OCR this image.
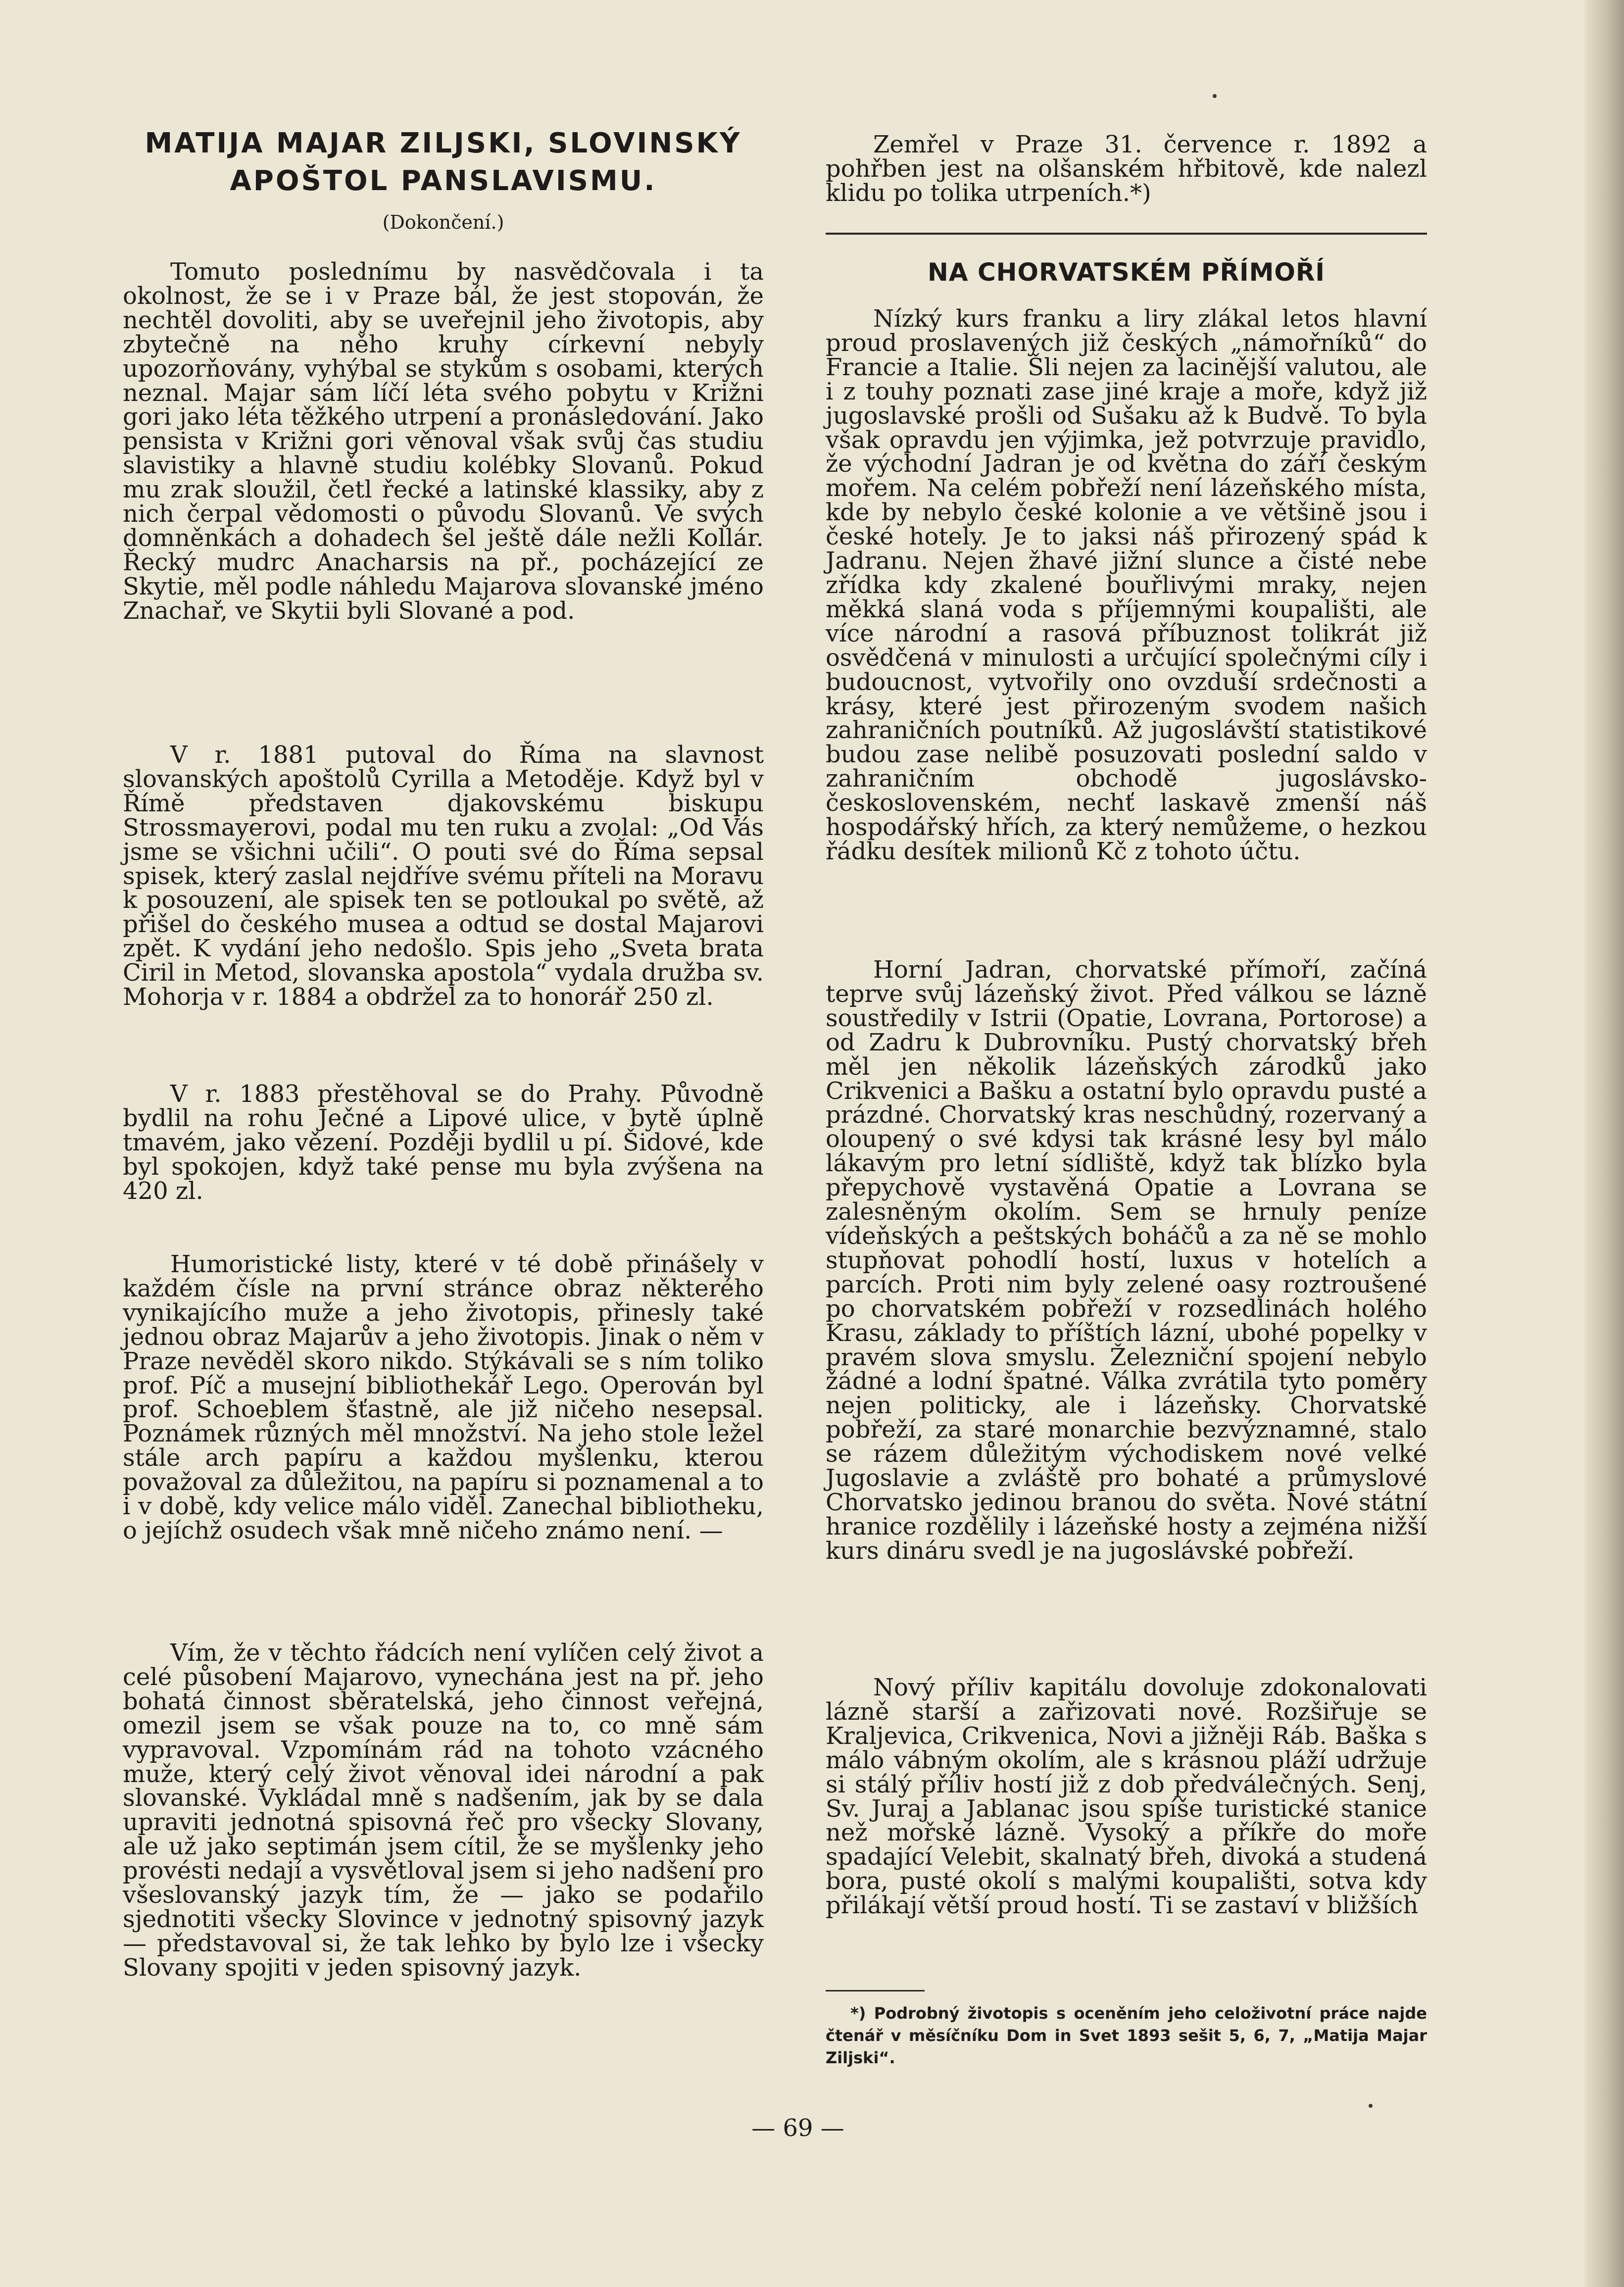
MATIJA MAJAR ZILJSKI, SLOVINSKÝ
APOŠTOL PANSLAVISMU.

(Dokončení.)

Tomuto poslednímu by nasvědčovala i ta okolnost, že se i v Praze bál, že jest stopován, že nechtěl dovoliti, aby se uveřejnil jeho životopis, aby zbytečně na něho kruhy církevní nebyly upozorňovány, vyhýbal se stykům s osobami, kterých neznal. Majar sám líčí léta svého pobytu v Križni gori jako léta těžkého utrpení a pronásledování. Jako pensista v Križni gori věnoval však svůj čas studiu slavistiky a hlavně studiu kolébky Slovanů. Pokud mu zrak sloužil, četl řecké a latinské klassiky, aby z nich čerpal vědomosti o původu Slovanů. Ve svých domněnkách a dohadech šel ještě dále nežli Kollár. Řecký mudrc Anacharsis na př., pocházející ze Skytie, měl podle náhledu Majarova slovanské jméno Znachař, ve Skytii byli Slované a pod.

V r. 1881 putoval do Říma na slavnost slovanských apoštolů Cyrilla a Metoděje. Když byl v Římě představen djakovskému biskupu Strossmayerovi, podal mu ten ruku a zvolal: „Od Vás jsme se všichni učili“. O pouti své do Říma sepsal spisek, který zaslal nejdříve svému příteli na Moravu k posouzení, ale spisek ten se potloukal po světě, až přišel do českého musea a odtud se dostal Majarovi zpět. K vydání jeho nedošlo. Spis jeho „Sveta brata Ciril in Metod, slovanska apostola“ vydala družba sv. Mohorja v r. 1884 a obdržel za to honorář 250 zl.

V r. 1883 přestěhoval se do Prahy. Původně bydlil na rohu Ječné a Lipové ulice, v bytě úplně tmavém, jako vězení. Později bydlil u pí. Šidové, kde byl spokojen, když také pense mu byla zvýšena na 420 zl.

Humoristické listy, které v té době přinášely v každém čísle na první stránce obraz některého vynikajícího muže a jeho životopis, přinesly také jednou obraz Majarův a jeho životopis. Jinak o něm v Praze nevěděl skoro nikdo. Stýkávali se s ním toliko prof. Píč a musejní bibliothekář Lego. Operován byl prof. Schoeblem šťastně, ale již ničeho nesepsal. Poznámek různých měl množství. Na jeho stole ležel stále arch papíru a každou myšlenku, kterou považoval za důležitou, na papíru si poznamenal a to i v době, kdy velice málo viděl. Zanechal bibliotheku, o jejíchž osudech však mně ničeho známo není. —

Vím, že v těchto řádcích není vylíčen celý život a celé působení Majarovo, vynechána jest na př. jeho bohatá činnost sběratelská, jeho činnost veřejná, omezil jsem se však pouze na to, co mně sám vypravoval. Vzpomínám rád na tohoto vzácného muže, který celý život věnoval idei národní a pak slovanské. Vykládal mně s nadšením, jak by se dala upraviti jednotná spisovná řeč pro všecky Slovany, ale už jako septimán jsem cítil, že se myšlenky jeho provésti nedají a vysvětloval jsem si jeho nadšení pro všeslovanský jazyk tím, že — jako se podařilo sjednotiti všecky Slovince v jednotný spisovný jazyk — představoval si, že tak lehko by bylo lze i všecky Slovany spojiti v jeden spisovný jazyk.

Zemřel v Praze 31. července r. 1892 a pohřben jest na olšanském hřbitově, kde nalezl klidu po tolika utrpeních.*)

NA CHORVATSKÉM PŘÍMOŘÍ

Nízký kurs franku a liry zlákal letos hlavní proud proslavených již českých „námořníků“ do Francie a Italie. Šli nejen za lacinější valutou, ale i z touhy poznati zase jiné kraje a moře, když již jugoslavské prošli od Sušaku až k Budvě. To byla však opravdu jen výjimka, jež potvrzuje pravidlo, že východní Jadran je od května do září českým mořem. Na celém pobřeží není lázeňského místa, kde by nebylo české kolonie a ve většině jsou i české hotely. Je to jaksi náš přirozený spád k Jadranu. Nejen žhavé jižní slunce a čisté nebe zřídka kdy zkalené bouřlivými mraky, nejen měkká slaná voda s příjemnými koupališti, ale více národní a rasová příbuznost tolikrát již osvědčená v minulosti a určující společnými cíly i budoucnost, vytvořily ono ovzduší srdečnosti a krásy, které jest přirozeným svodem našich zahraničních poutníků. Až jugoslávští statistikové budou zase nelibě posuzovati poslední saldo v zahraničním obchodě jugoslávsko-československém, nechť laskavě zmenší náš hospodářský hřích, za který nemůžeme, o hezkou řádku desítek milionů Kč z tohoto účtu.

Horní Jadran, chorvatské přímoří, začíná teprve svůj lázeňský život. Před válkou se lázně soustředily v Istrii (Opatie, Lovrana, Portorose) a od Zadru k Dubrovníku. Pustý chorvatský břeh měl jen několik lázeňských zárodků jako Crikvenici a Bašku a ostatní bylo opravdu pusté a prázdné. Chorvatský kras neschůdný, rozervaný a oloupený o své kdysi tak krásné lesy byl málo lákavým pro letní sídliště, když tak blízko byla přepychově vystavěná Opatie a Lovrana se zalesněným okolím. Sem se hrnuly peníze vídeňských a peštských boháčů a za ně se mohlo stupňovat pohodlí hostí, luxus v hotelích a parcích. Proti nim byly zelené oasy roztroušené po chorvatském pobřeží v rozsedlinách holého Krasu, základy to příštích lázní, ubohé popelky v pravém slova smyslu. Železniční spojení nebylo žádné a lodní špatné. Válka zvrátila tyto poměry nejen politicky, ale i lázeňsky. Chorvatské pobřeží, za staré monarchie bezvýznamné, stalo se rázem důležitým východiskem nové velké Jugoslavie a zvláště pro bohaté a průmyslové Chorvatsko jedinou branou do světa. Nové státní hranice rozdělily i lázeňské hosty a zejména nižší kurs dináru svedl je na jugoslávské pobřeží.

Nový příliv kapitálu dovoluje zdokonalovati lázně starší a zařizovati nové. Rozšiřuje se Kraljevica, Crikvenica, Novi a jižněji Ráb. Baška s málo vábným okolím, ale s krásnou pláží udržuje si stálý příliv hostí již z dob předválečných. Senj, Sv. Juraj a Jablanac jsou spíše turistické stanice než mořské lázně. Vysoký a příkře do moře spadající Velebit, skalnatý břeh, divoká a studená bora, pusté okolí s malými koupališti, sotva kdy přilákají větší proud hostí. Ti se zastaví v bližších

*) Podrobný životopis s oceněním jeho celoživotní práce najde čtenář v měsíčníku Dom in Svet 1893 sešit 5, 6, 7, „Matija Majar Ziljski“.

— 69 —
